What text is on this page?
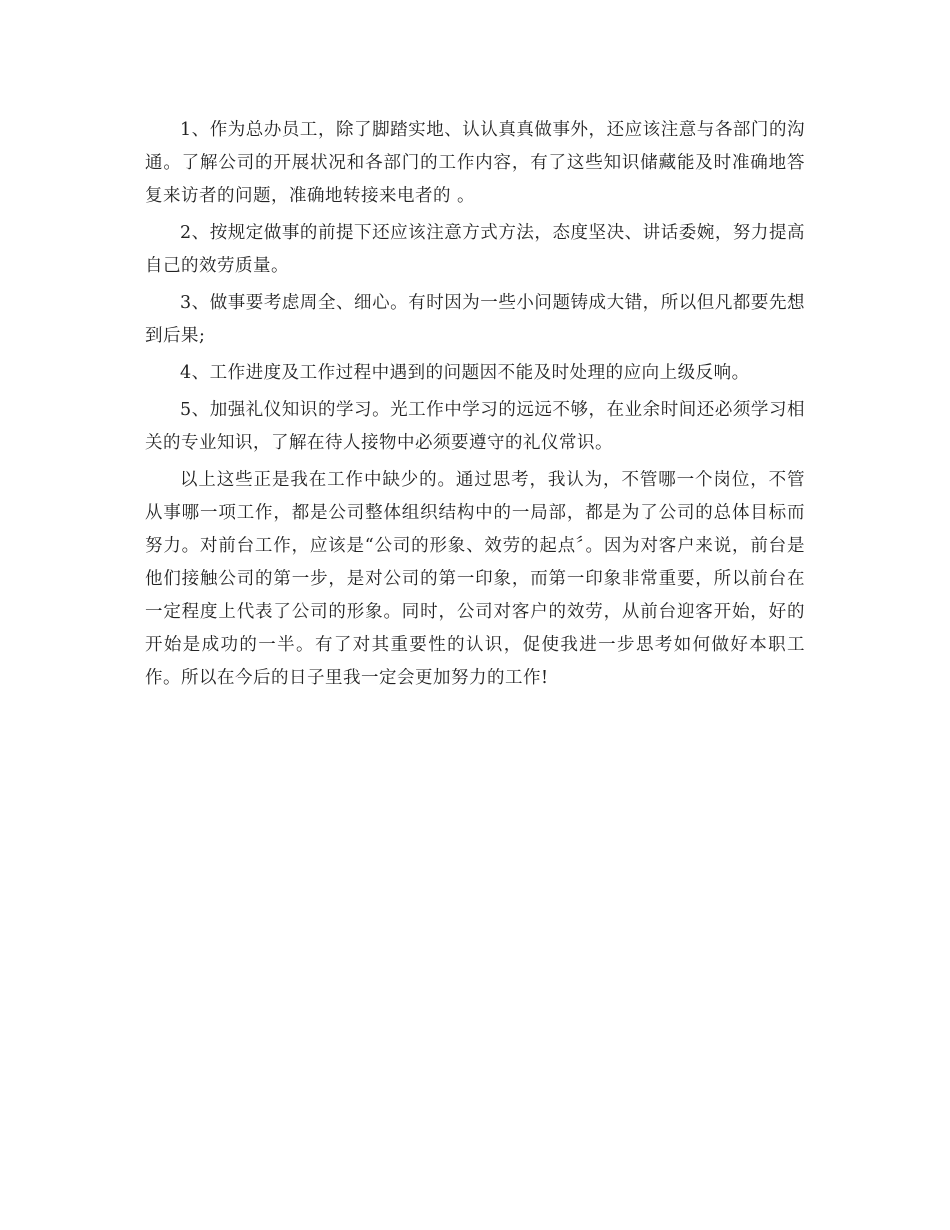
1、作为总办员工，除了脚踏实地、认认真真做事外，还应该注意与各部门的沟通。了解公司的开展状况和各部门的工作内容，有了这些知识储藏能及时准确地答复来访者的问题，准确地转接来电者的 。

2、按规定做事的前提下还应该注意方式方法，态度坚决、讲话委婉，努力提高自己的效劳质量。

3、做事要考虑周全、细心。有时因为一些小问题铸成大错，所以但凡都要先想到后果;

4、工作进度及工作过程中遇到的问题因不能及时处理的应向上级反响。

5、加强礼仪知识的学习。光工作中学习的远远不够，在业余时间还必须学习相关的专业知识，了解在待人接物中必须要遵守的礼仪常识。

以上这些正是我在工作中缺少的。通过思考，我认为，不管哪一个岗位，不管从事哪一项工作，都是公司整体组织结构中的一局部，都是为了公司的总体目标而努力。对前台工作，应该是“公司的形象、效劳的起点〞。因为对客户来说，前台是他们接触公司的第一步，是对公司的第一印象，而第一印象非常重要，所以前台在一定程度上代表了公司的形象。同时，公司对客户的效劳，从前台迎客开始，好的开始是成功的一半。有了对其重要性的认识，促使我进一步思考如何做好本职工作。所以在今后的日子里我一定会更加努力的工作!
